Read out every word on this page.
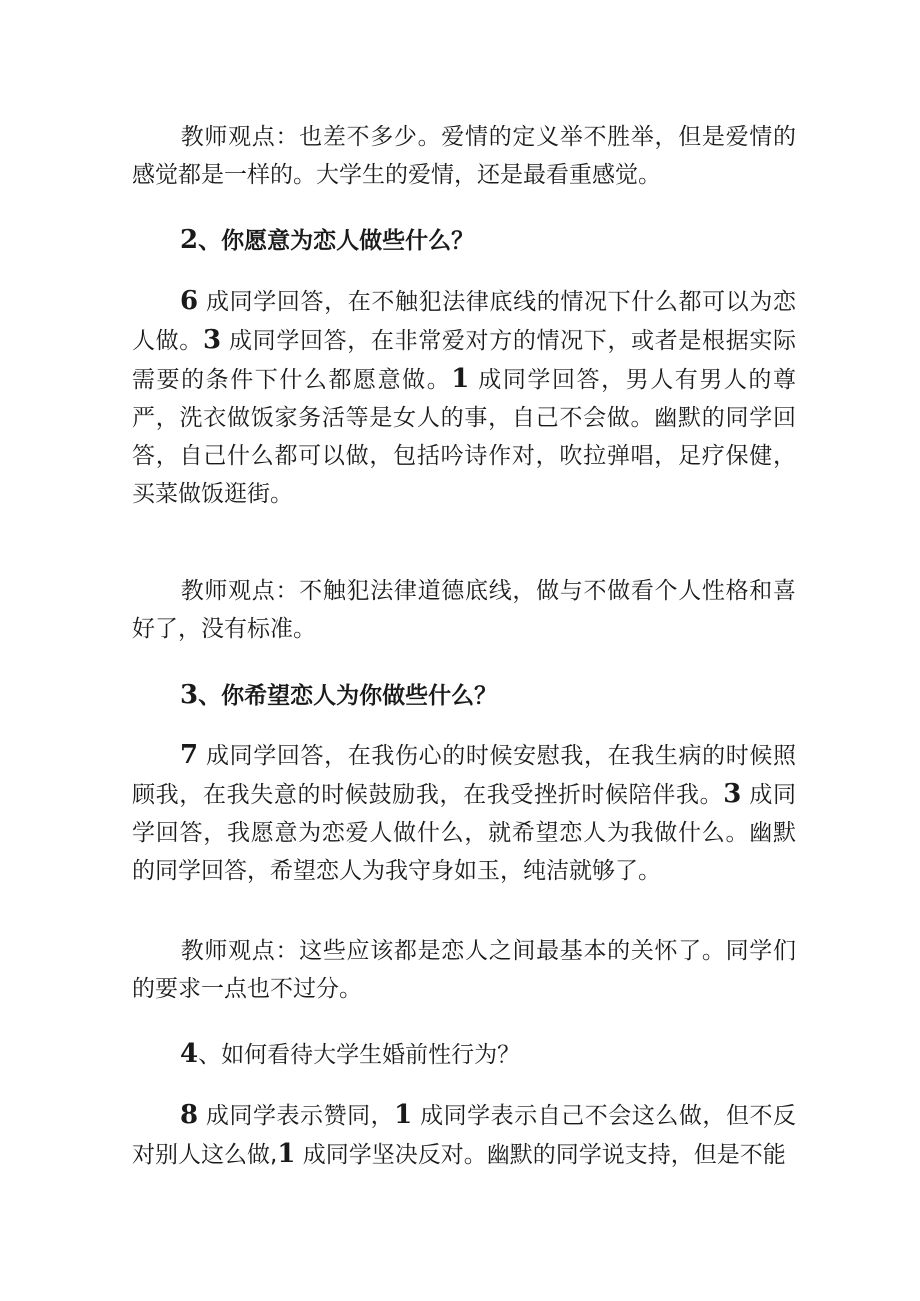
教师观点：也差不多少。爱情的定义举不胜举，但是爱情的感觉都是一样的。大学生的爱情，还是最看重感觉。

2、你愿意为恋人做些什么？

6 成同学回答，在不触犯法律底线的情况下什么都可以为恋人做。3 成同学回答，在非常爱对方的情况下，或者是根据实际需要的条件下什么都愿意做。1 成同学回答，男人有男人的尊严，洗衣做饭家务活等是女人的事，自己不会做。幽默的同学回答，自己什么都可以做，包括吟诗作对，吹拉弹唱，足疗保健，买菜做饭逛街。

教师观点：不触犯法律道德底线，做与不做看个人性格和喜好了，没有标准。

3、你希望恋人为你做些什么？

7 成同学回答，在我伤心的时候安慰我，在我生病的时候照顾我，在我失意的时候鼓励我，在我受挫折时候陪伴我。3 成同学回答，我愿意为恋爱人做什么，就希望恋人为我做什么。幽默的同学回答，希望恋人为我守身如玉，纯洁就够了。

教师观点：这些应该都是恋人之间最基本的关怀了。同学们的要求一点也不过分。

4、如何看待大学生婚前性行为？

8 成同学表示赞同，1 成同学表示自己不会这么做，但不反对别人这么做,1 成同学坚决反对。幽默的同学说支持，但是不能
